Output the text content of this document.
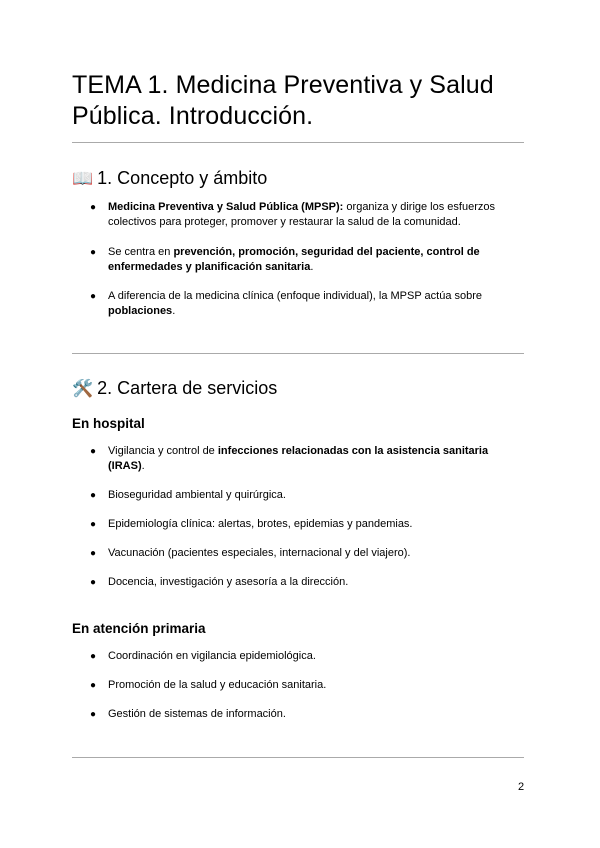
TEMA 1. Medicina Preventiva y Salud Pública. Introducción.
📖 1. Concepto y ámbito
● Medicina Preventiva y Salud Pública (MPSP): organiza y dirige los esfuerzos colectivos para proteger, promover y restaurar la salud de la comunidad.
● Se centra en prevención, promoción, seguridad del paciente, control de enfermedades y planificación sanitaria.
● A diferencia de la medicina clínica (enfoque individual), la MPSP actúa sobre poblaciones.
🛠️ 2. Cartera de servicios
En hospital
● Vigilancia y control de infecciones relacionadas con la asistencia sanitaria (IRAS).
● Bioseguridad ambiental y quirúrgica.
● Epidemiología clínica: alertas, brotes, epidemias y pandemias.
● Vacunación (pacientes especiales, internacional y del viajero).
● Docencia, investigación y asesoría a la dirección.
En atención primaria
● Coordinación en vigilancia epidemiológica.
● Promoción de la salud y educación sanitaria.
● Gestión de sistemas de información.
2
